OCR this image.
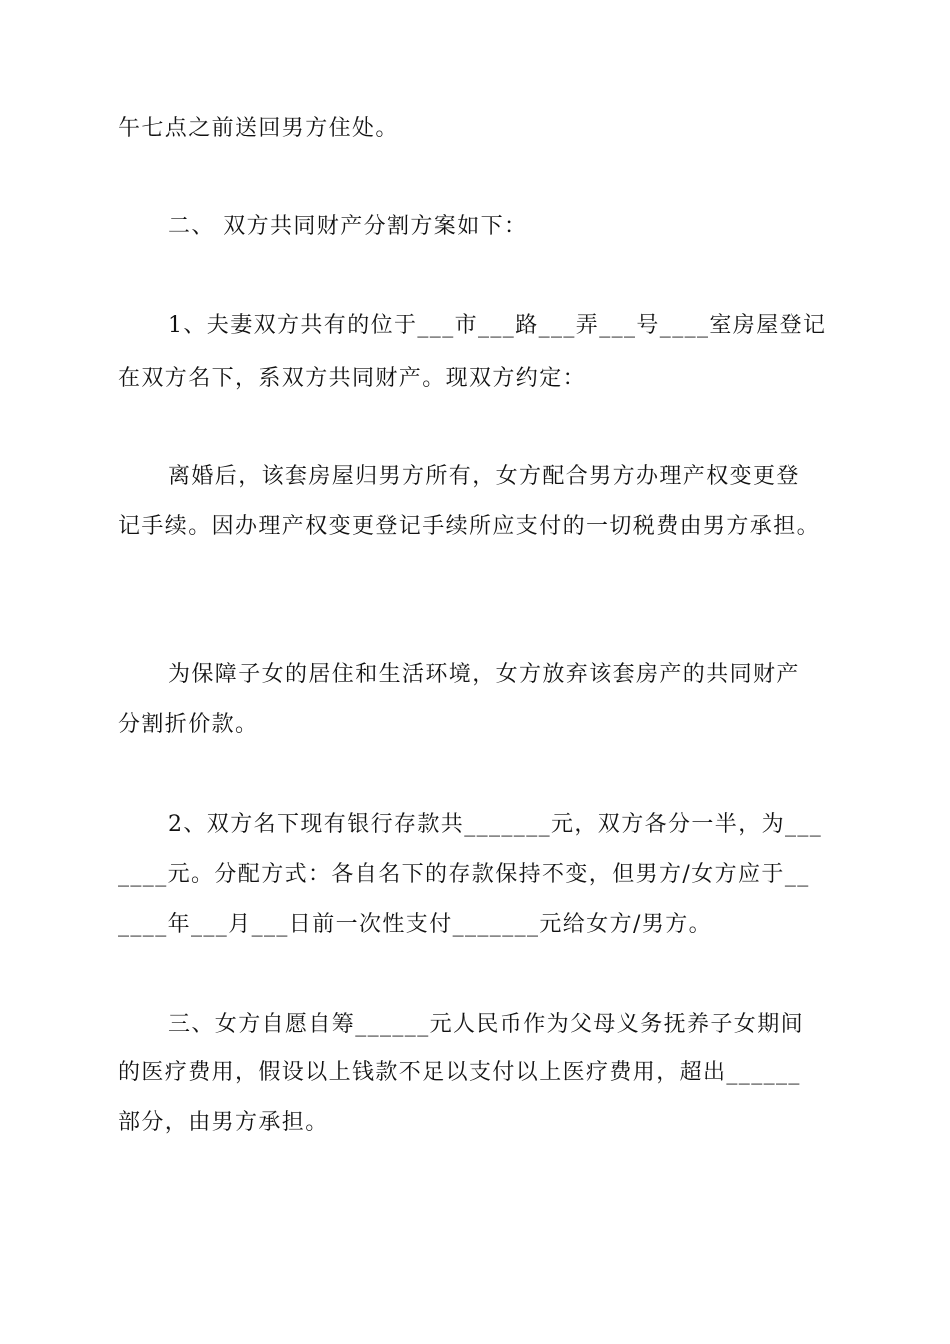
午七点之前送回男方住处。
二、 双方共同财产分割方案如下：
1、夫妻双方共有的位于___市___路___弄___号____室房屋登记
在双方名下，系双方共同财产。现双方约定：
离婚后，该套房屋归男方所有，女方配合男方办理产权变更登
记手续。因办理产权变更登记手续所应支付的一切税费由男方承担。
为保障子女的居住和生活环境，女方放弃该套房产的共同财产
分割折价款。
2、双方名下现有银行存款共_______元，双方各分一半，为___
____元。分配方式：各自名下的存款保持不变，但男方/女方应于__
____年___月___日前一次性支付_______元给女方/男方。
三、女方自愿自筹______元人民币作为父母义务抚养子女期间
的医疗费用，假设以上钱款不足以支付以上医疗费用，超出______
部分，由男方承担。
